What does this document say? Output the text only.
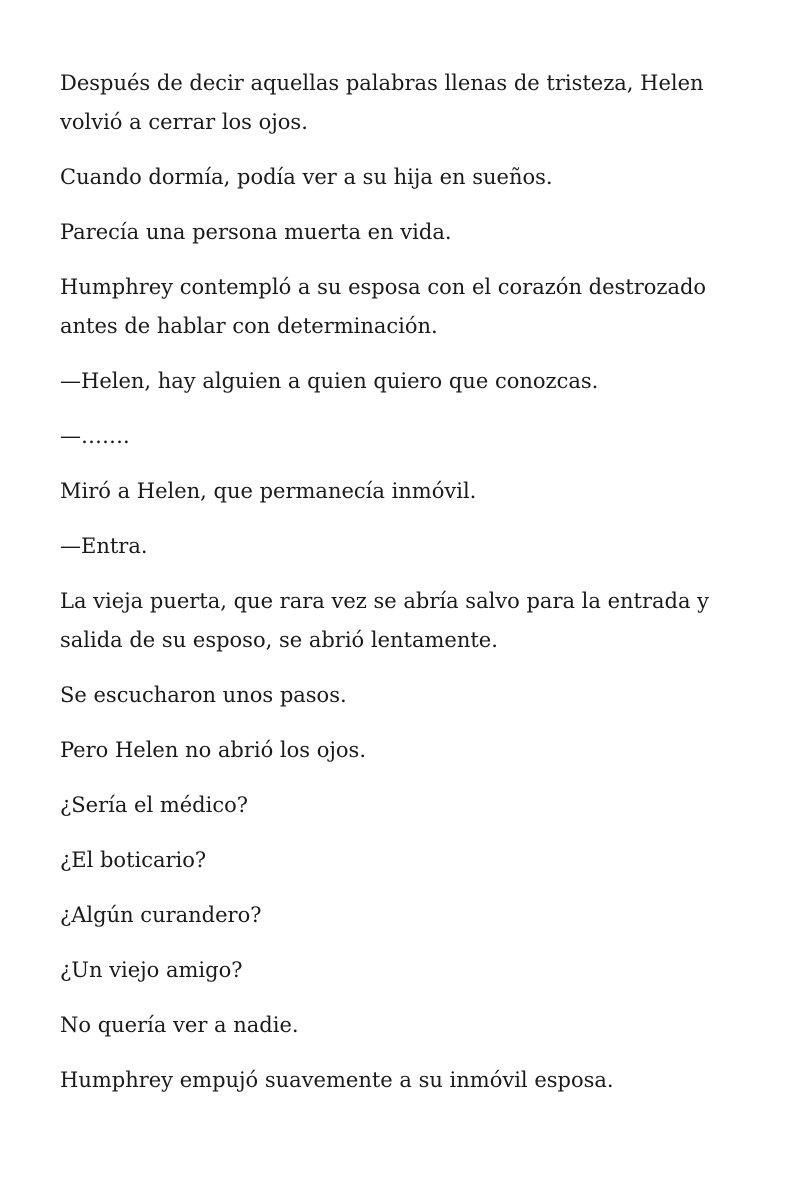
Después de decir aquellas palabras llenas de tristeza, Helen volvió a cerrar los ojos.

Cuando dormía, podía ver a su hija en sueños.

Parecía una persona muerta en vida.

Humphrey contempló a su esposa con el corazón destrozado antes de hablar con determinación.

—Helen, hay alguien a quien quiero que conozcas.

—…….

Miró a Helen, que permanecía inmóvil.

—Entra.

La vieja puerta, que rara vez se abría salvo para la entrada y salida de su esposo, se abrió lentamente.

Se escucharon unos pasos.

Pero Helen no abrió los ojos.

¿Sería el médico?

¿El boticario?

¿Algún curandero?

¿Un viejo amigo?

No quería ver a nadie.

Humphrey empujó suavemente a su inmóvil esposa.
